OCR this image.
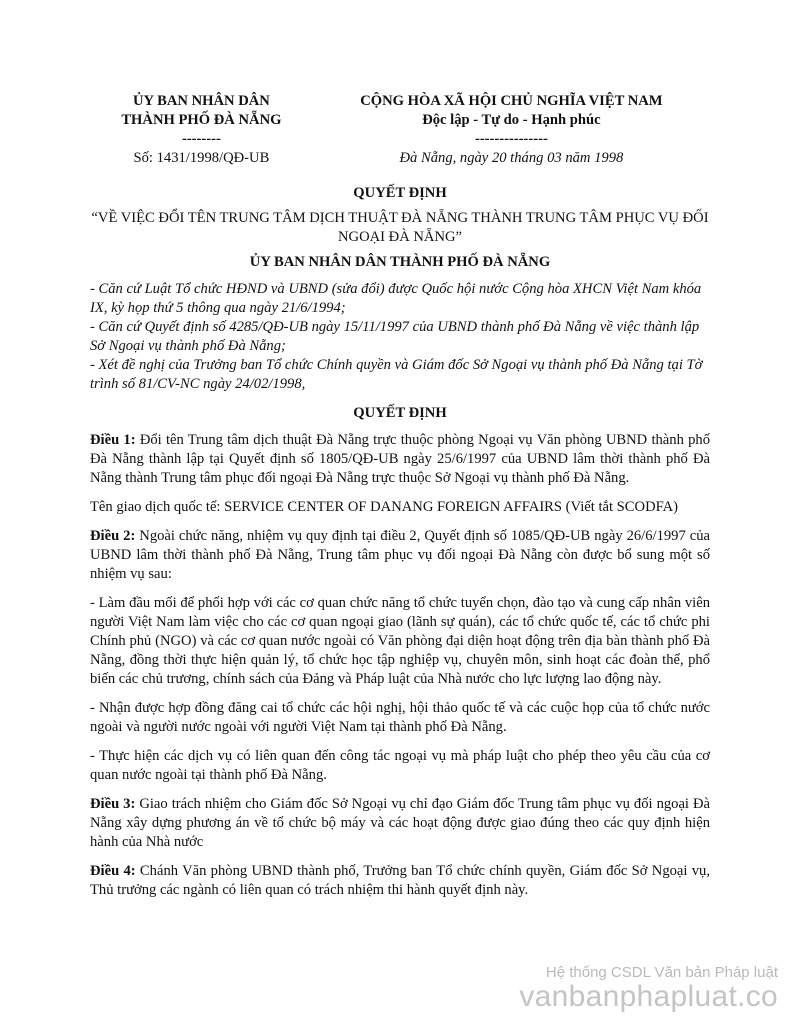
ỦY BAN NHÂN DÂN
THÀNH PHỐ ĐÀ NẴNG
--------
Số: 1431/1998/QĐ-UB
CỘNG HÒA XÃ HỘI CHỦ NGHĨA VIỆT NAM
Độc lập - Tự do - Hạnh phúc
---------------
Đà Nẵng, ngày 20 tháng 03 năm 1998
QUYẾT ĐỊNH
“VỀ VIỆC ĐỔI TÊN TRUNG TÂM DỊCH THUẬT ĐÀ NẴNG THÀNH TRUNG TÂM PHỤC VỤ ĐỐI NGOẠI ĐÀ NẴNG”
ỦY BAN NHÂN DÂN THÀNH PHỐ ĐÀ NẴNG
- Căn cứ Luật Tổ chức HĐND và UBND (sửa đổi) được Quốc hội nước Cộng hòa XHCN Việt Nam khóa IX, kỳ họp thứ 5 thông qua ngày 21/6/1994;
- Căn cứ Quyết định số 4285/QĐ-UB ngày 15/11/1997 của UBND thành phố Đà Nẵng về việc thành lập Sở Ngoại vụ thành phố Đà Nẵng;
- Xét đề nghị của Trưởng ban Tổ chức Chính quyền và Giám đốc Sở Ngoại vụ thành phố Đà Nẵng tại Tờ trình số 81/CV-NC ngày 24/02/1998,
QUYẾT ĐỊNH

Điều 1: Đổi tên Trung tâm dịch thuật Đà Nẵng trực thuộc phòng Ngoại vụ Văn phòng UBND thành phố Đà Nẵng thành lập tại Quyết định số 1805/QĐ-UB ngày 25/6/1997 của UBND lâm thời thành phố Đà Nẵng thành Trung tâm phục đối ngoại Đà Nẵng trực thuộc Sở Ngoại vụ thành phố Đà Nẵng.

Tên giao dịch quốc tế: SERVICE CENTER OF DANANG FOREIGN AFFAIRS (Viết tắt SCODFA)

Điều 2: Ngoài chức năng, nhiệm vụ quy định tại điều 2, Quyết định số 1085/QĐ-UB ngày 26/6/1997 của UBND lâm thời thành phố Đà Nẵng, Trung tâm phục vụ đối ngoại Đà Nẵng còn được bổ sung một số nhiệm vụ sau:

- Làm đầu mối để phối hợp với các cơ quan chức năng tổ chức tuyển chọn, đào tạo và cung cấp nhân viên người Việt Nam làm việc cho các cơ quan ngoại giao (lãnh sự quán), các tổ chức quốc tế, các tổ chức phi Chính phủ (NGO) và các cơ quan nước ngoài có Văn phòng đại diện hoạt động trên địa bàn thành phố Đà Nẵng, đồng thời thực hiện quản lý, tổ chức học tập nghiệp vụ, chuyên môn, sinh hoạt các đoàn thể, phổ biến các chủ trương, chính sách của Đảng và Pháp luật của Nhà nước cho lực lượng lao động này.

- Nhận được hợp đồng đăng cai tổ chức các hội nghị, hội thảo quốc tế và các cuộc họp của tổ chức nước ngoài và người nước ngoài với người Việt Nam tại thành phố Đà Nẵng.

- Thực hiện các dịch vụ có liên quan đến công tác ngoại vụ mà pháp luật cho phép theo yêu cầu của cơ quan nước ngoài tại thành phố Đà Nẵng.

Điều 3: Giao trách nhiệm cho Giám đốc Sở Ngoại vụ chỉ đạo Giám đốc Trung tâm phục vụ đối ngoại Đà Nẵng xây dựng phương án về tổ chức bộ máy và các hoạt động được giao đúng theo các quy định hiện hành của Nhà nước

Điều 4: Chánh Văn phòng UBND thành phố, Trưởng ban Tổ chức chính quyền, Giám đốc Sở Ngoại vụ, Thủ trưởng các ngành có liên quan có trách nhiệm thi hành quyết định này.

Hệ thống CSDL Văn bản Pháp luật
vanbanphapluat.co
